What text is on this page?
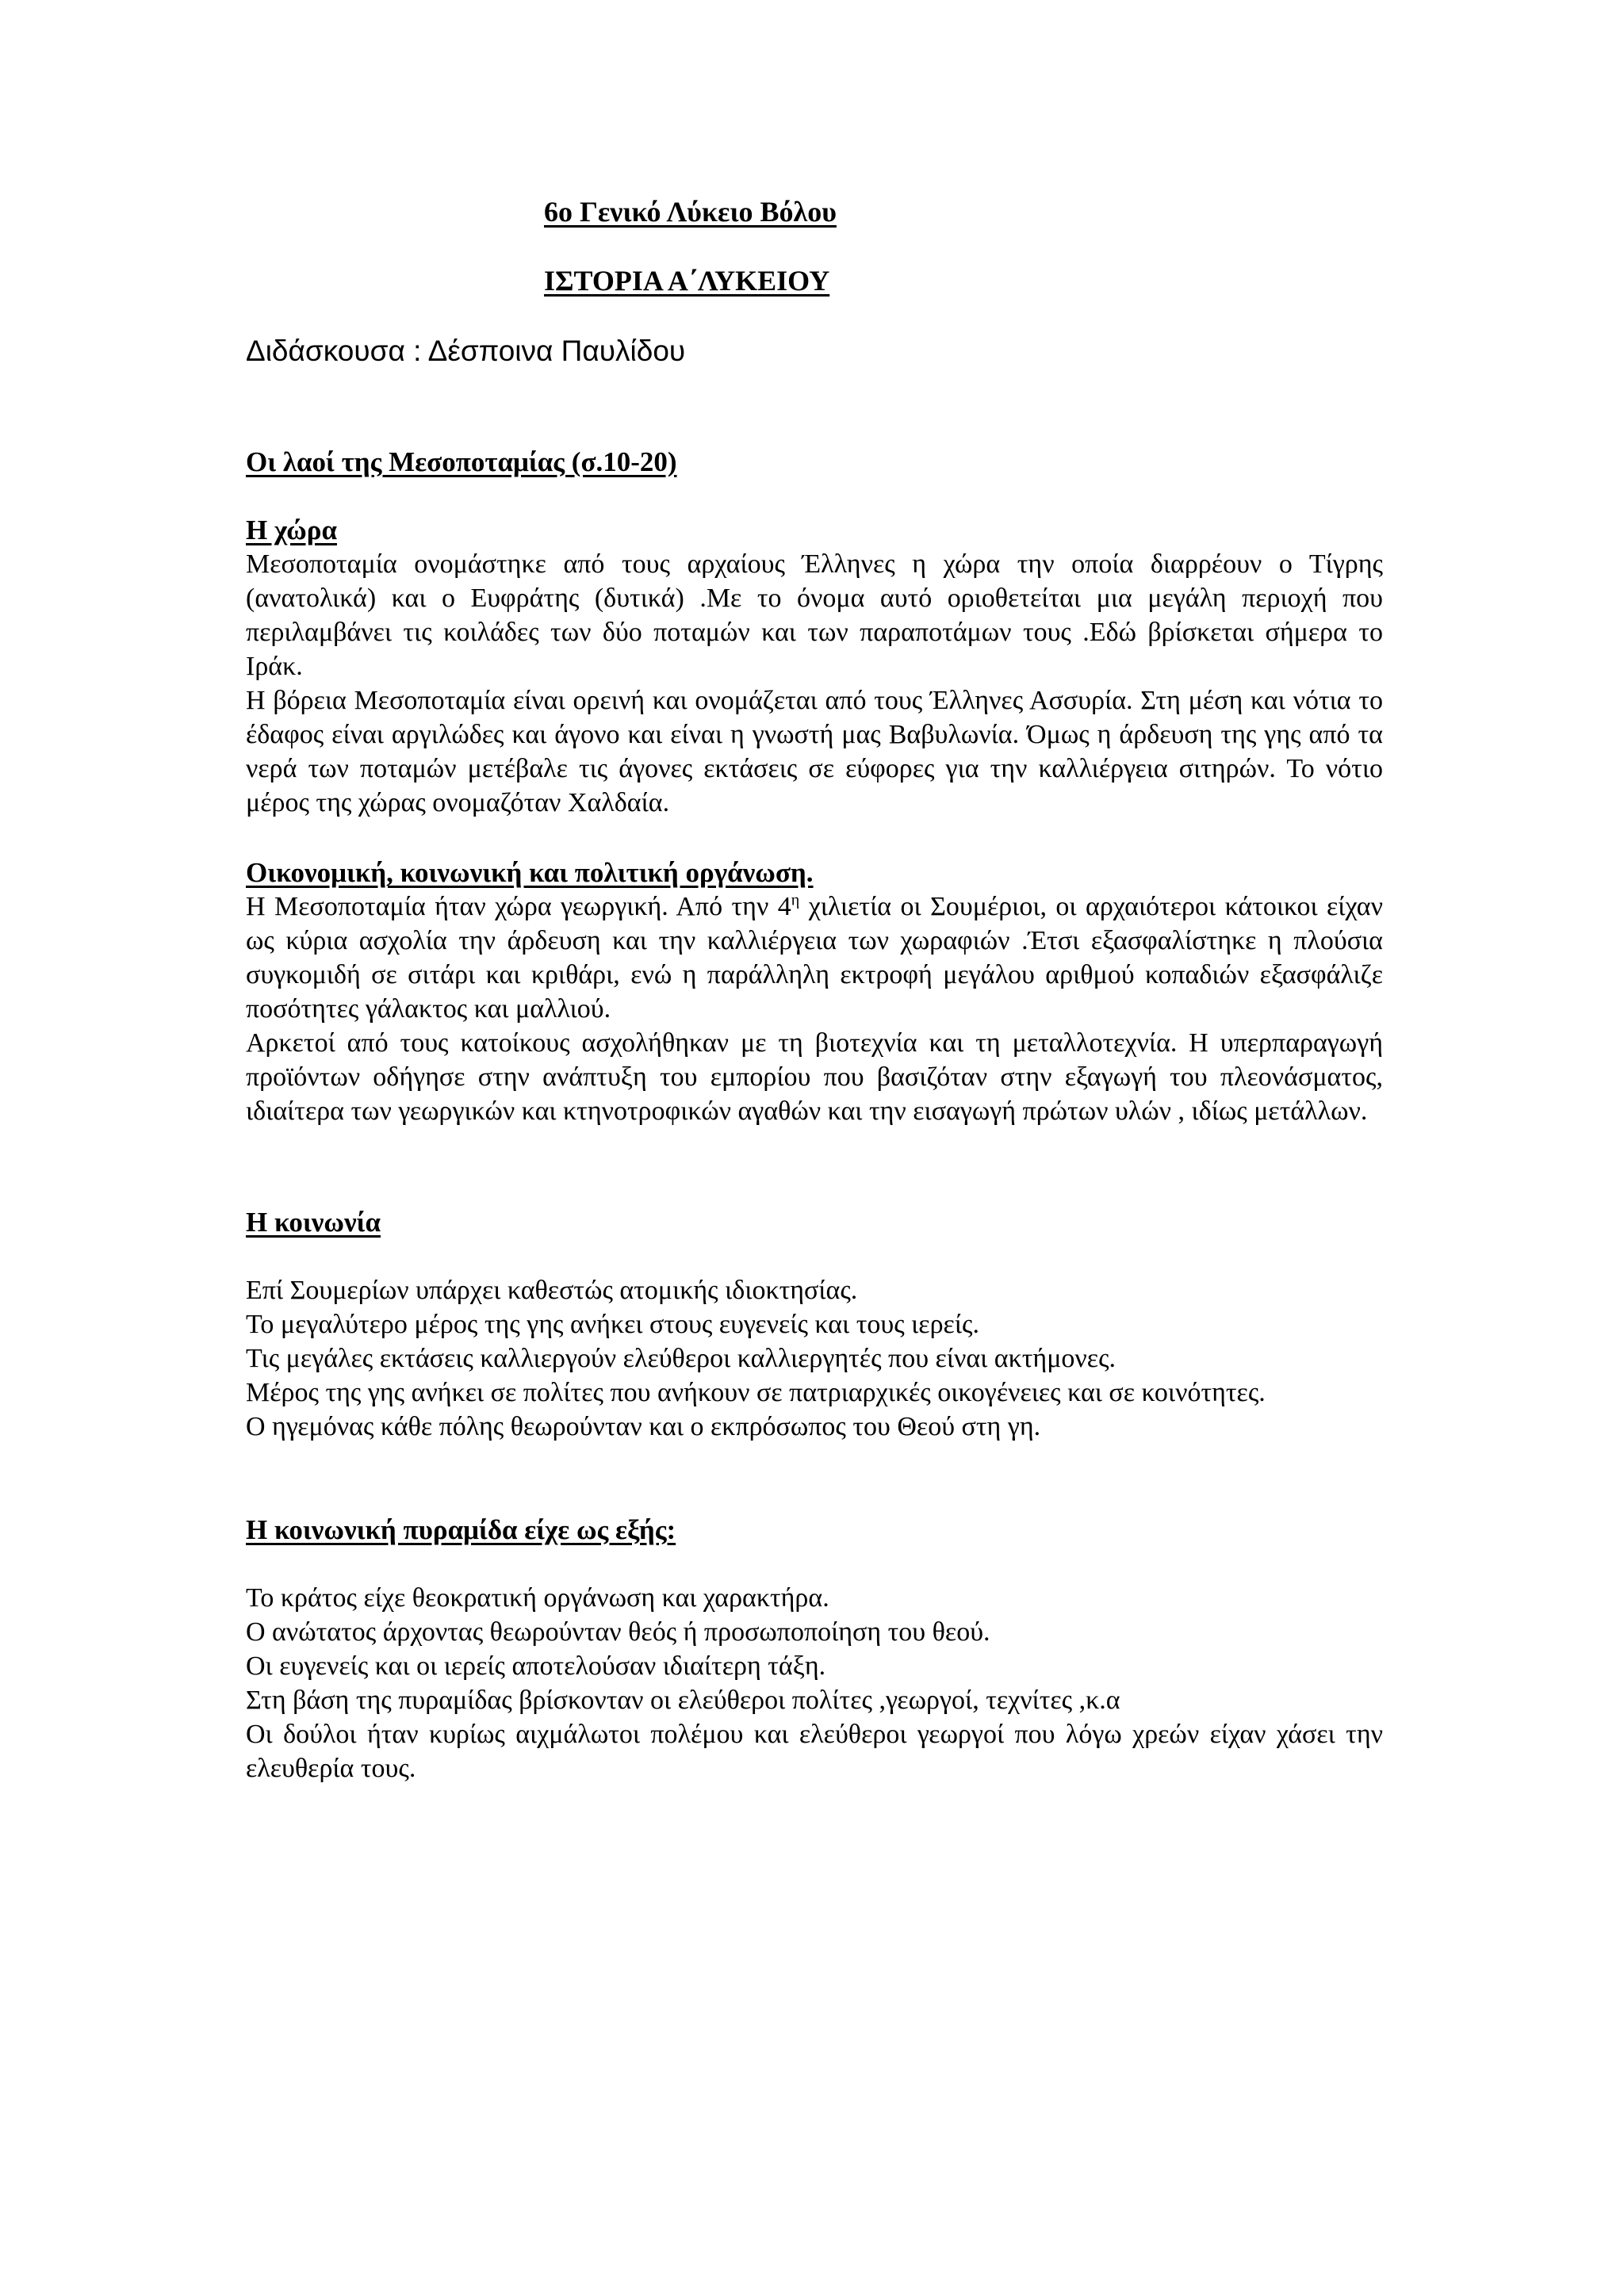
6ο Γενικό Λύκειο Βόλου
ΙΣΤΟΡΙΑ Α΄ΛΥΚΕΙΟΥ
Διδάσκουσα : Δέσποινα Παυλίδου

Οι λαοί της Μεσοποταμίας (σ.10-20)

Η χώρα

Μεσοποταμία ονομάστηκε από τους αρχαίους Έλληνες η χώρα την οποία διαρρέουν ο Τίγρης (ανατολικά) και ο Ευφράτης (δυτικά) .Με το όνομα αυτό οριοθετείται μια μεγάλη περιοχή που περιλαμβάνει τις κοιλάδες των δύο ποταμών και των παραποτάμων τους .Εδώ βρίσκεται σήμερα το Ιράκ.

Η βόρεια Μεσοποταμία είναι ορεινή και ονομάζεται από τους Έλληνες Ασσυρία. Στη μέση και νότια το έδαφος είναι αργιλώδες και άγονο και είναι η γνωστή μας Βαβυλωνία. Όμως η άρδευση της γης από τα νερά των ποταμών μετέβαλε τις άγονες εκτάσεις σε εύφορες για την καλλιέργεια σιτηρών. Το νότιο μέρος της χώρας ονομαζόταν Χαλδαία.

Οικονομική, κοινωνική και πολιτική οργάνωση.

Η Μεσοποταμία ήταν χώρα γεωργική. Από την $4^\eta$ χιλιετία οι Σουμέριοι, οι αρχαιότεροι κάτοικοι είχαν ως κύρια ασχολία την άρδευση και την καλλιέργεια των χωραφιών .Έτσι εξασφαλίστηκε η πλούσια συγκομιδή σε σιτάρι και κριθάρι, ενώ η παράλληλη εκτροφή μεγάλου αριθμού κοπαδιών εξασφάλιζε ποσότητες γάλακτος και μαλλιού.

Αρκετοί από τους κατοίκους ασχολήθηκαν με τη βιοτεχνία και τη μεταλλοτεχνία. Η υπερπαραγωγή προϊόντων οδήγησε στην ανάπτυξη του εμπορίου που βασιζόταν στην εξαγωγή του πλεονάσματος, ιδιαίτερα των γεωργικών και κτηνοτροφικών αγαθών και την εισαγωγή πρώτων υλών , ιδίως μετάλλων.

Η κοινωνία

Επί Σουμερίων υπάρχει καθεστώς ατομικής ιδιοκτησίας.

Το μεγαλύτερο μέρος της γης ανήκει στους ευγενείς και τους ιερείς.

Τις μεγάλες εκτάσεις καλλιεργούν ελεύθεροι καλλιεργητές που είναι ακτήμονες.

Μέρος της γης ανήκει σε πολίτες που ανήκουν σε πατριαρχικές οικογένειες και σε κοινότητες.

Ο ηγεμόνας κάθε πόλης θεωρούνταν και ο εκπρόσωπος του Θεού στη γη.

Η κοινωνική πυραμίδα είχε ως εξής:

Το κράτος είχε θεοκρατική οργάνωση και χαρακτήρα.

Ο ανώτατος άρχοντας θεωρούνταν θεός ή προσωποποίηση του θεού.

Οι ευγενείς και οι ιερείς αποτελούσαν ιδιαίτερη τάξη.

Στη βάση της πυραμίδας βρίσκονταν οι ελεύθεροι πολίτες ,γεωργοί, τεχνίτες ,κ.α

Οι δούλοι ήταν κυρίως αιχμάλωτοι πολέμου και ελεύθεροι γεωργοί που λόγω χρεών είχαν χάσει την ελευθερία τους.
